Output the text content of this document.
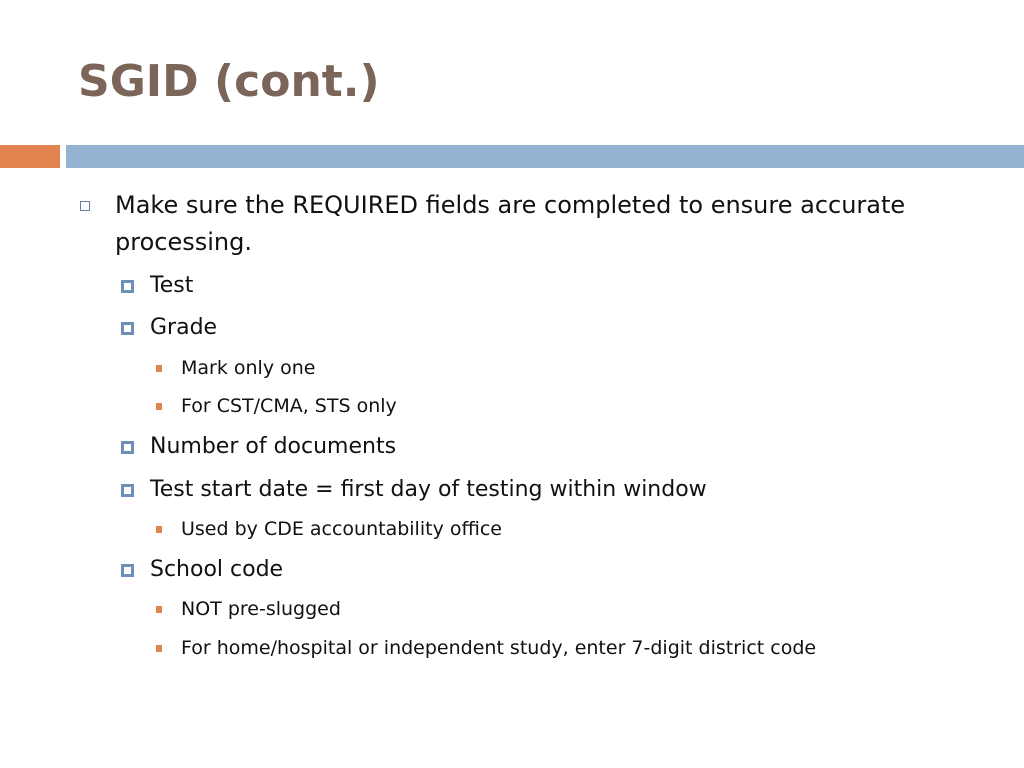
SGID (cont.)
Make sure the REQUIRED fields are completed to ensure accurate
processing.
Test
Grade
Mark only one
For CST/CMA, STS only
Number of documents
Test start date = first day of testing within window
Used by CDE accountability office
School code
NOT pre-slugged
For home/hospital or independent study, enter 7-digit district code
